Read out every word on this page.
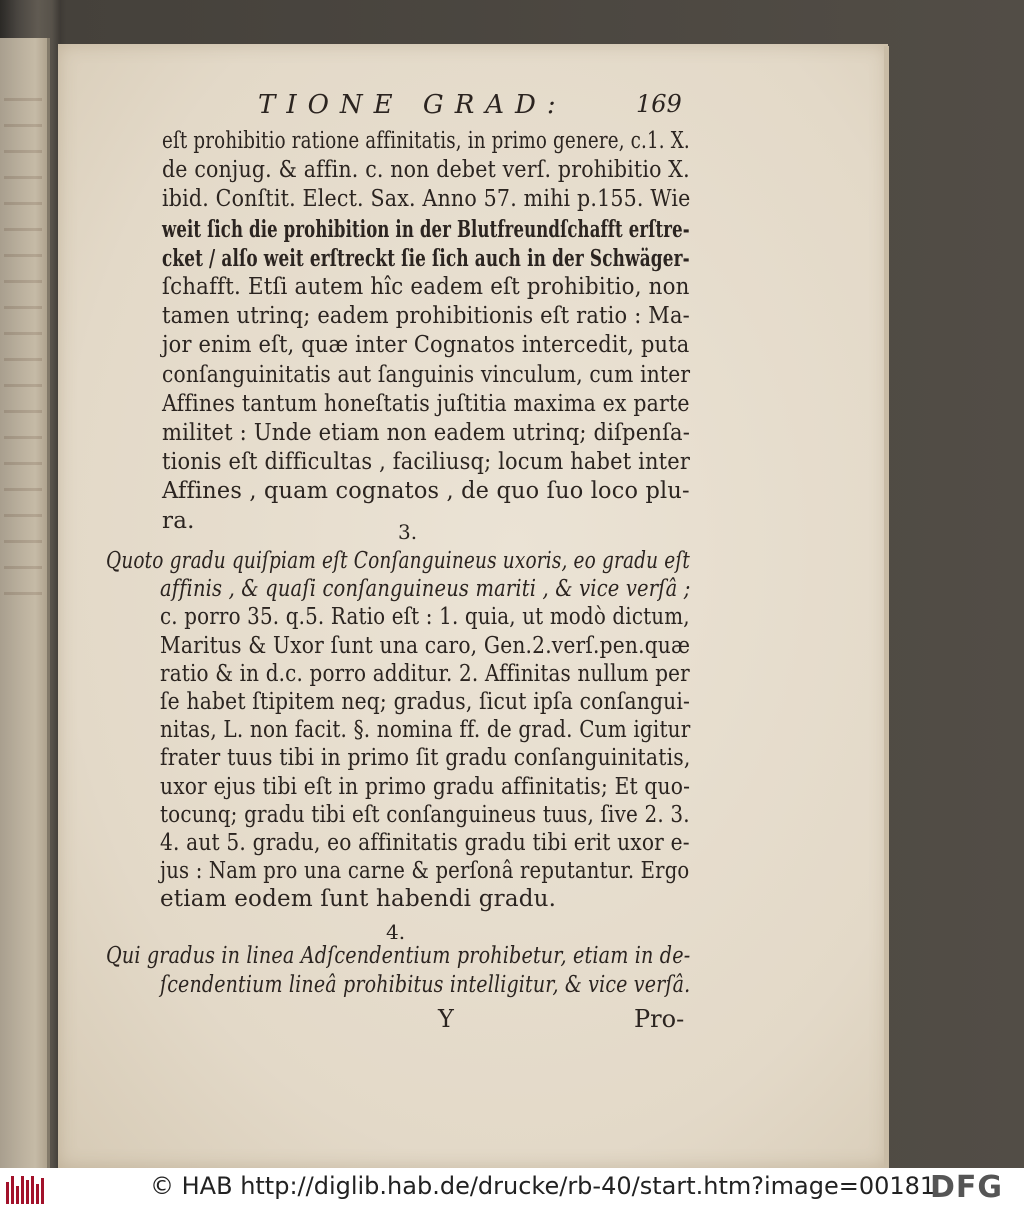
TIONE GRAD:	169
eſt prohibitio ratione affinitatis, in primo genere, c.1. X.
de conjug. & affin. c. non debet verſ. prohibitio X.
ibid. Conſtit. Elect. Sax. Anno 57. mihi p.155. Wie
weit ſich die prohibition in der Blutfreundſchafft erſtre-
cket / alſo weit erſtreckt ſie ſich auch in der Schwäger-
ſchafft. Etſi autem hîc eadem eſt prohibitio, non
tamen utrinq; eadem prohibitionis eſt ratio : Ma-
jor enim eſt, quæ inter Cognatos intercedit, puta
conſanguinitatis aut ſanguinis vinculum, cum inter
Affines tantum honeſtatis juſtitia maxima ex parte
militet : Unde etiam non eadem utrinq; diſpenſa-
tionis eſt difficultas , faciliusq; locum habet inter
Affines , quam cognatos , de quo ſuo loco plu-
ra.	3.
Quoto gradu quiſpiam eſt Conſanguineus uxoris, eo gradu eſt
affinis , & quaſi conſanguineus mariti , & vice verſâ ;
c. porro 35. q.5. Ratio eſt : 1. quia, ut modò dictum,
Maritus & Uxor ſunt una caro, Gen.2.verſ.pen.quæ
ratio & in d.c. porro additur. 2. Affinitas nullum per
ſe habet ſtipitem neq; gradus, ſicut ipſa conſangui-
nitas, L. non facit. §. nomina ff. de grad. Cum igitur
frater tuus tibi in primo ſit gradu conſanguinitatis,
uxor ejus tibi eſt in primo gradu affinitatis; Et quo-
tocunq; gradu tibi eſt conſanguineus tuus, ſive 2. 3.
4. aut 5. gradu, eo affinitatis gradu tibi erit uxor e-
jus : Nam pro una carne & perſonâ reputantur. Ergo
etiam eodem ſunt habendi gradu.
4.
Qui gradus in linea Adſcendentium prohibetur, etiam in de-
ſcendentium lineâ prohibitus intelligitur, & vice verſâ.
Y	Pro-
© HAB http://diglib.hab.de/drucke/rb-40/start.htm?image=00181
DFG
